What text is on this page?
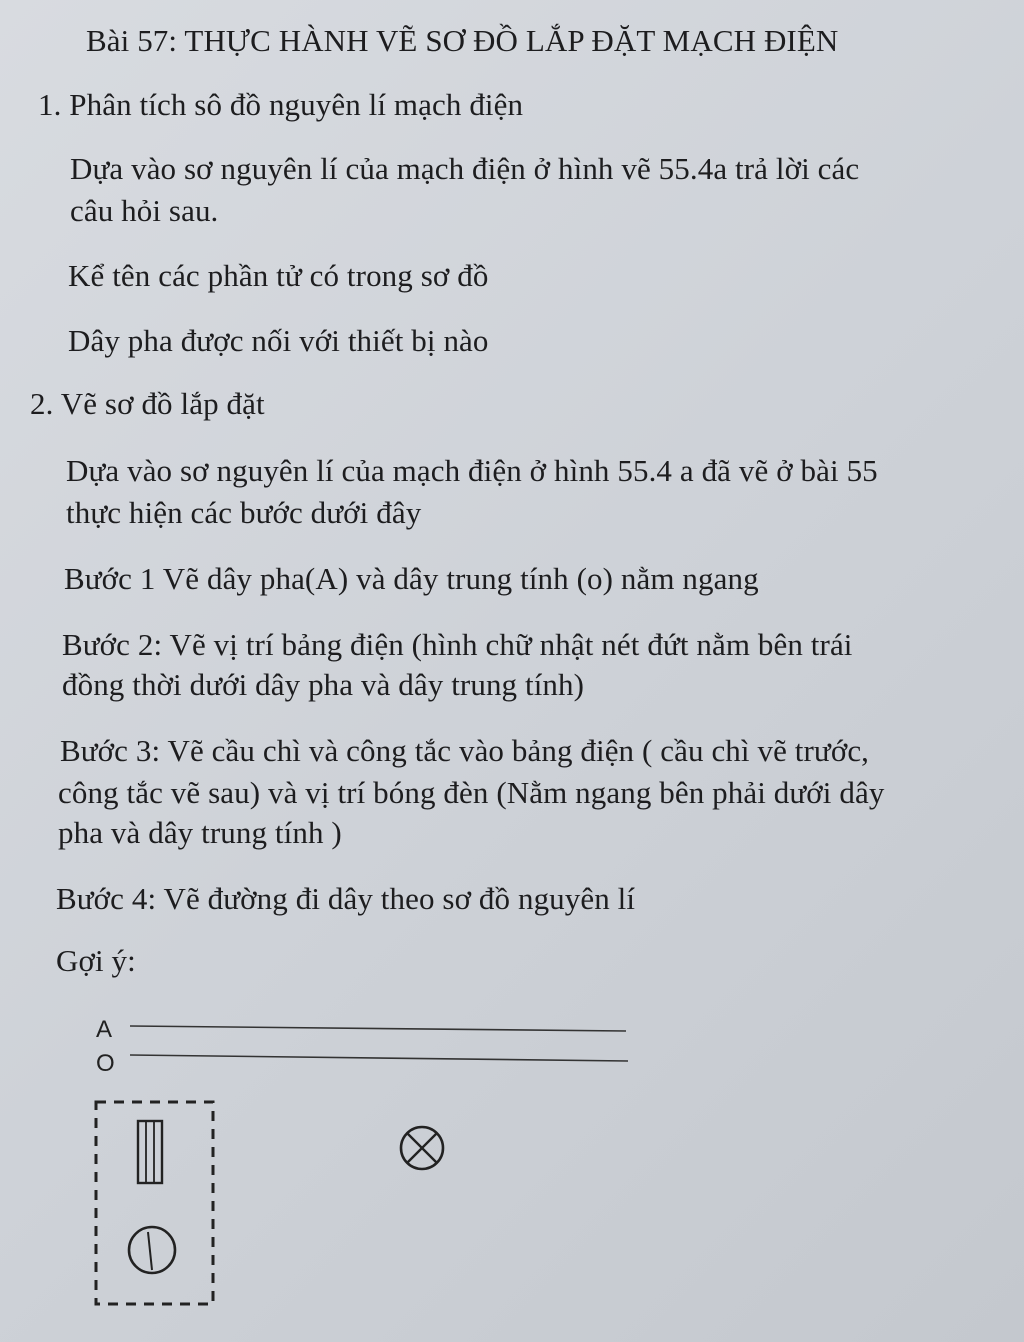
Bài 57: THỰC HÀNH VẼ SƠ ĐỒ LẮP ĐẶT MẠCH ĐIỆN
1. Phân tích sô đồ nguyên lí mạch điện
Dựa vào sơ nguyên lí của mạch điện ở hình vẽ 55.4a trả lời các
câu hỏi sau.
Kể tên các phần tử có trong sơ đồ
Dây pha được nối với thiết bị nào
2. Vẽ sơ đồ lắp đặt
Dựa vào sơ nguyên lí của mạch điện ở hình 55.4 a đã vẽ ở bài 55
thực hiện các bước dưới đây
Bước 1 Vẽ dây pha(A) và dây trung tính (o) nằm ngang
Bước 2: Vẽ vị trí bảng điện (hình chữ nhật nét đứt nằm bên trái
đồng thời dưới dây pha và dây trung tính)
Bước 3: Vẽ cầu chì và công tắc vào bảng điện ( cầu chì vẽ trước,
công tắc vẽ sau) và vị trí bóng đèn (Nằm ngang bên phải dưới dây
pha và dây trung tính )
Bước 4: Vẽ đường đi dây theo sơ đồ nguyên lí
Gợi ý:
A
O
